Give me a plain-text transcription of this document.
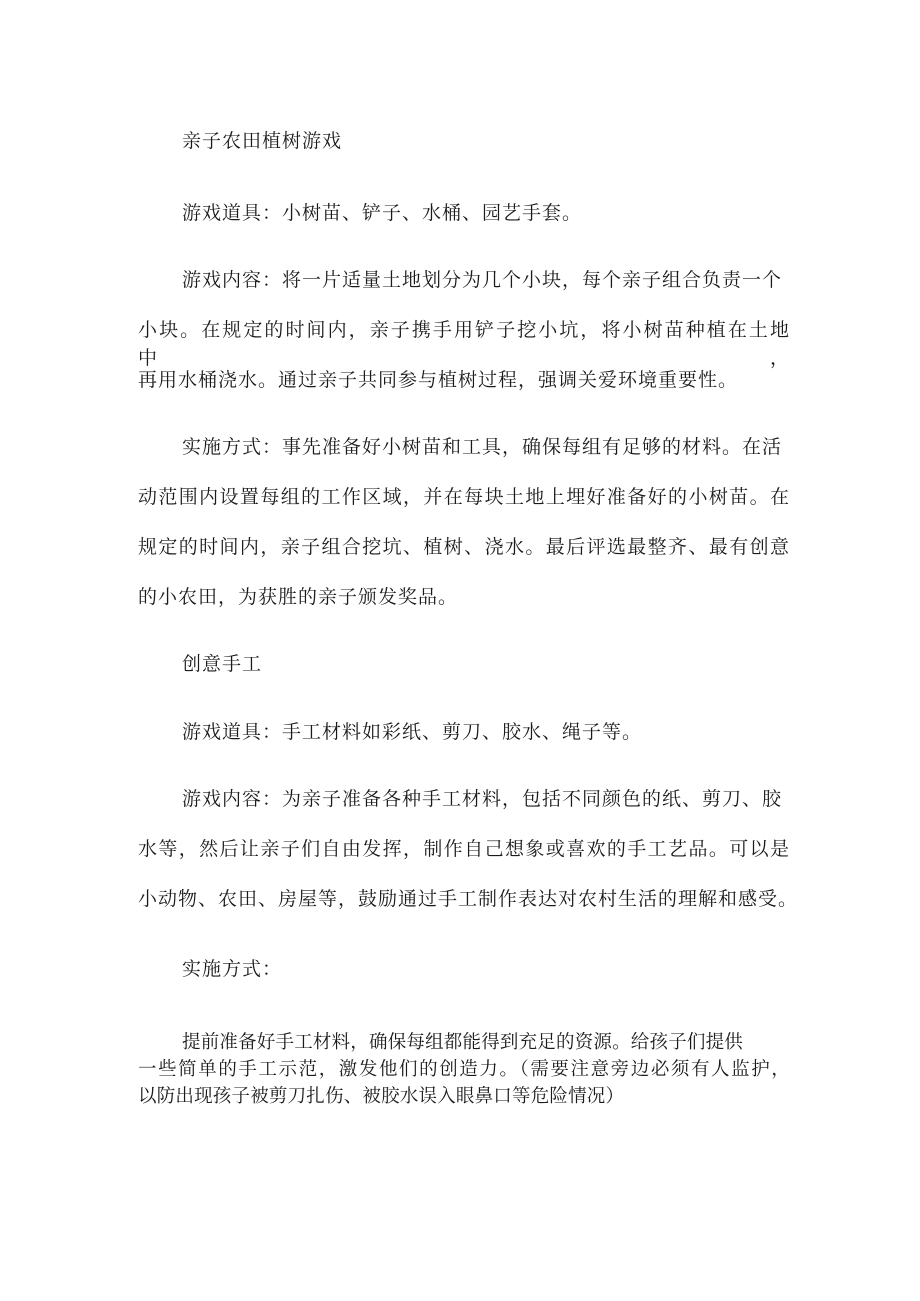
亲子农田植树游戏
游戏道具：小树苗、铲子、水桶、园艺手套。
游戏内容：将一片适量土地划分为几个小块，每个亲子组合负责一个
小块。在规定的时间内，亲子携手用铲子挖小坑，将小树苗种植在土地中，
再用水桶浇水。通过亲子共同参与植树过程，强调关爱环境重要性。
实施方式：事先准备好小树苗和工具，确保每组有足够的材料。在活
动范围内设置每组的工作区域，并在每块土地上埋好准备好的小树苗。在
规定的时间内，亲子组合挖坑、植树、浇水。最后评选最整齐、最有创意
的小农田，为获胜的亲子颁发奖品。
创意手工
游戏道具：手工材料如彩纸、剪刀、胶水、绳子等。
游戏内容：为亲子准备各种手工材料，包括不同颜色的纸、剪刀、胶
水等，然后让亲子们自由发挥，制作自己想象或喜欢的手工艺品。可以是
小动物、农田、房屋等，鼓励通过手工制作表达对农村生活的理解和感受。
实施方式：
提前准备好手工材料，确保每组都能得到充足的资源。给孩子们提供
一些简单的手工示范，激发他们的创造力。（需要注意旁边必须有人监护，
以防出现孩子被剪刀扎伤、被胶水误入眼鼻口等危险情况）
